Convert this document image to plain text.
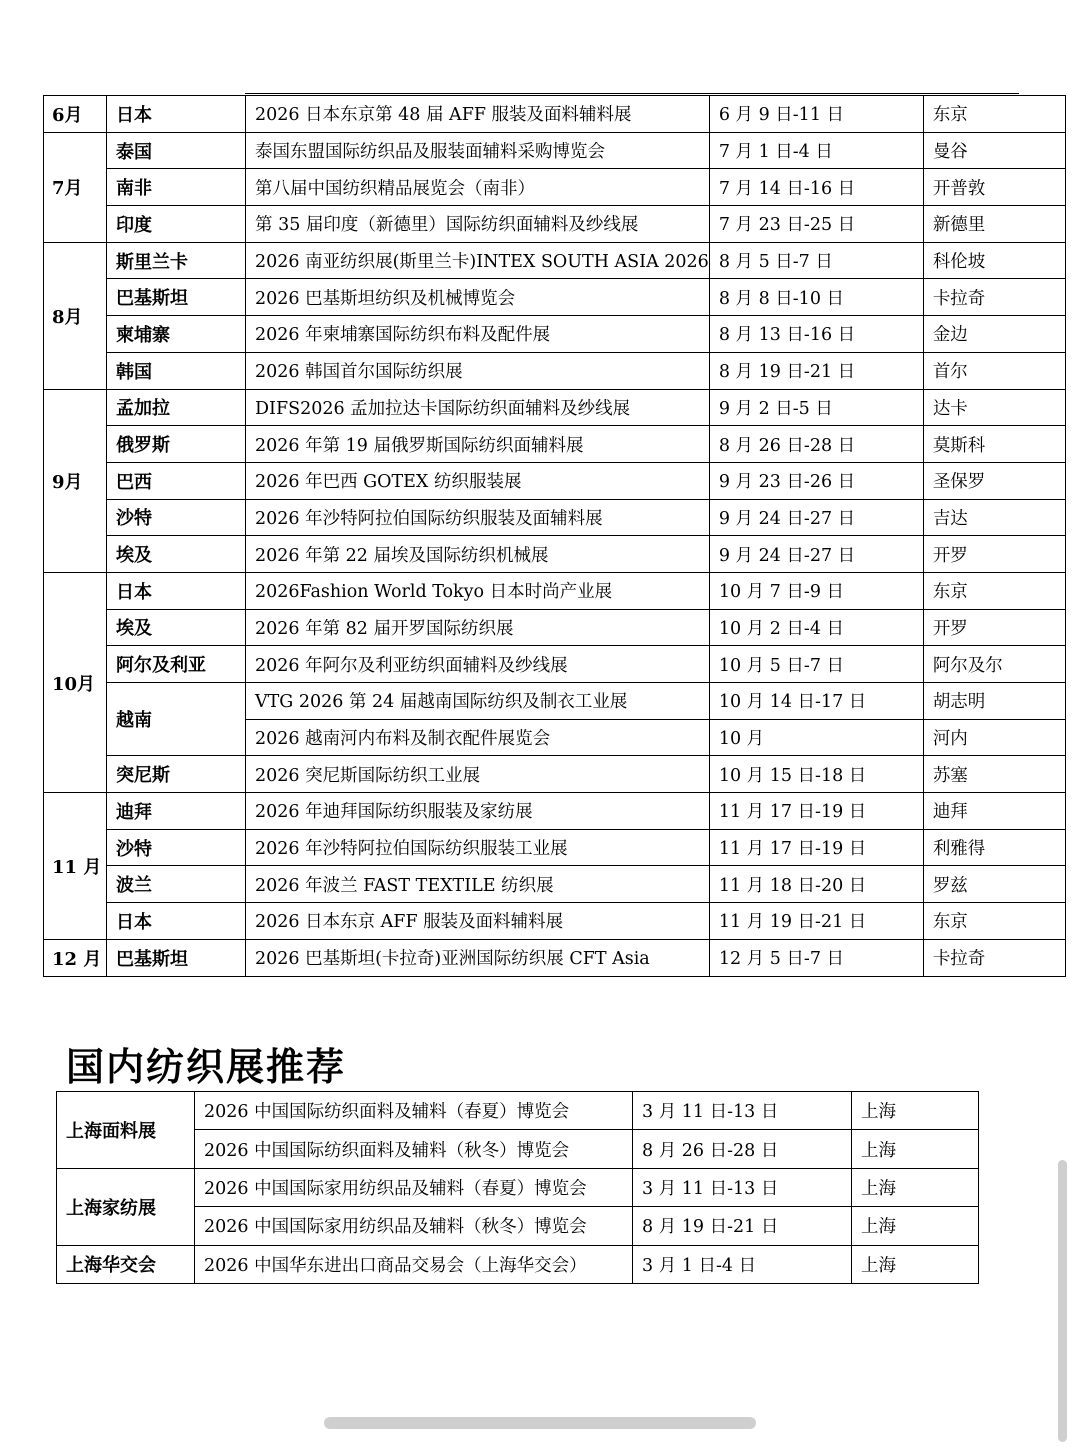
6月	日本	2026 日本东京第 48 届 AFF 服装及面料辅料展	6 月 9 日-11 日	东京
7月	泰国	泰国东盟国际纺织品及服装面辅料采购博览会	7 月 1 日-4 日	曼谷
	南非	第八届中国纺织精品展览会（南非）	7 月 14 日-16 日	开普敦
	印度	第 35 届印度（新德里）国际纺织面辅料及纱线展	7 月 23 日-25 日	新德里
8月	斯里兰卡	2026 南亚纺织展(斯里兰卡)INTEX SOUTH ASIA 2026	8 月 5 日-7 日	科伦坡
	巴基斯坦	2026 巴基斯坦纺织及机械博览会	8 月 8 日-10 日	卡拉奇
	柬埔寨	2026 年柬埔寨国际纺织布料及配件展	8 月 13 日-16 日	金边
	韩国	2026 韩国首尔国际纺织展	8 月 19 日-21 日	首尔
9月	孟加拉	DIFS2026 孟加拉达卡国际纺织面辅料及纱线展	9 月 2 日-5 日	达卡
	俄罗斯	2026 年第 19 届俄罗斯国际纺织面辅料展	8 月 26 日-28 日	莫斯科
	巴西	2026 年巴西 GOTEX 纺织服装展	9 月 23 日-26 日	圣保罗
	沙特	2026 年沙特阿拉伯国际纺织服装及面辅料展	9 月 24 日-27 日	吉达
	埃及	2026 年第 22 届埃及国际纺织机械展	9 月 24 日-27 日	开罗
10月	日本	2026Fashion World Tokyo 日本时尚产业展	10 月 7 日-9 日	东京
	埃及	2026 年第 82 届开罗国际纺织展	10 月 2 日-4 日	开罗
	阿尔及利亚	2026 年阿尔及利亚纺织面辅料及纱线展	10 月 5 日-7 日	阿尔及尔
	越南	VTG 2026 第 24 届越南国际纺织及制衣工业展	10 月 14 日-17 日	胡志明
		2026 越南河内布料及制衣配件展览会	10 月	河内
	突尼斯	2026 突尼斯国际纺织工业展	10 月 15 日-18 日	苏塞
11 月	迪拜	2026 年迪拜国际纺织服装及家纺展	11 月 17 日-19 日	迪拜
	沙特	2026 年沙特阿拉伯国际纺织服装工业展	11 月 17 日-19 日	利雅得
	波兰	2026 年波兰 FAST TEXTILE 纺织展	11 月 18 日-20 日	罗兹
	日本	2026 日本东京 AFF 服装及面料辅料展	11 月 19 日-21 日	东京
12 月	巴基斯坦	2026 巴基斯坦(卡拉奇)亚洲国际纺织展 CFT Asia	12 月 5 日-7 日	卡拉奇
国内纺织展推荐
上海面料展	2026 中国国际纺织面料及辅料（春夏）博览会	3 月 11 日-13 日	上海
	2026 中国国际纺织面料及辅料（秋冬）博览会	8 月 26 日-28 日	上海
上海家纺展	2026 中国国际家用纺织品及辅料（春夏）博览会	3 月 11 日-13 日	上海
	2026 中国国际家用纺织品及辅料（秋冬）博览会	8 月 19 日-21 日	上海
上海华交会	2026 中国华东进出口商品交易会（上海华交会）	3 月 1 日-4 日	上海
